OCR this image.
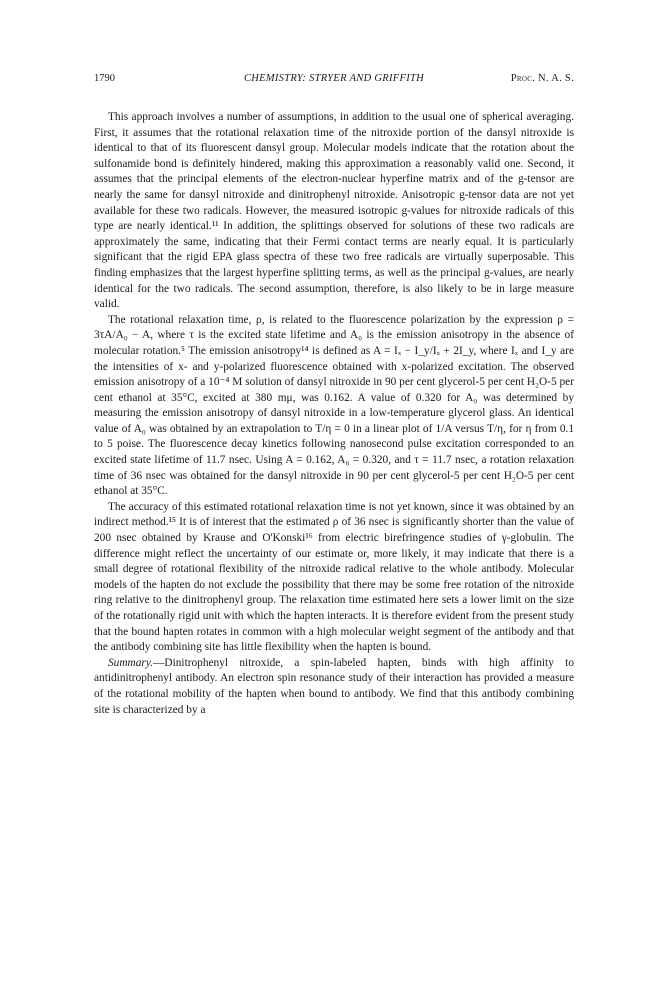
1790	CHEMISTRY: STRYER AND GRIFFITH	Proc. N. A. S.

This approach involves a number of assumptions, in addition to the usual one of spherical averaging. First, it assumes that the rotational relaxation time of the nitroxide portion of the dansyl nitroxide is identical to that of its fluorescent dansyl group. Molecular models indicate that the rotation about the sulfonamide bond is definitely hindered, making this approximation a reasonably valid one. Second, it assumes that the principal elements of the electron-nuclear hyperfine matrix and of the g-tensor are nearly the same for dansyl nitroxide and dinitrophenyl nitroxide. Anisotropic g-tensor data are not yet available for these two radicals. However, the measured isotropic g-values for nitroxide radicals of this type are nearly identical.¹¹ In addition, the splittings observed for solutions of these two radicals are approximately the same, indicating that their Fermi contact terms are nearly equal. It is particularly significant that the rigid EPA glass spectra of these two free radicals are virtually superposable. This finding emphasizes that the largest hyperfine splitting terms, as well as the principal g-values, are nearly identical for the two radicals. The second assumption, therefore, is also likely to be in large measure valid.

The rotational relaxation time, ρ, is related to the fluorescence polarization by the expression ρ = 3τA/A₀ − A, where τ is the excited state lifetime and A₀ is the emission anisotropy in the absence of molecular rotation.⁵ The emission anisotropy¹⁴ is defined as A = Iₓ − I_y/Iₓ + 2I_y, where Iₓ and I_y are the intensities of x- and y-polarized fluorescence obtained with x-polarized excitation. The observed emission anisotropy of a 10⁻⁴ M solution of dansyl nitroxide in 90 per cent glycerol-5 per cent H₂O-5 per cent ethanol at 35°C, excited at 380 mμ, was 0.162. A value of 0.320 for A₀ was determined by measuring the emission anisotropy of dansyl nitroxide in a low-temperature glycerol glass. An identical value of A₀ was obtained by an extrapolation to T/η = 0 in a linear plot of 1/A versus T/η, for η from 0.1 to 5 poise. The fluorescence decay kinetics following nanosecond pulse excitation corresponded to an excited state lifetime of 11.7 nsec. Using A = 0.162, A₀ = 0.320, and τ = 11.7 nsec, a rotation relaxation time of 36 nsec was obtained for the dansyl nitroxide in 90 per cent glycerol-5 per cent H₂O-5 per cent ethanol at 35°C.

The accuracy of this estimated rotational relaxation time is not yet known, since it was obtained by an indirect method.¹⁵ It is of interest that the estimated ρ of 36 nsec is significantly shorter than the value of 200 nsec obtained by Krause and O'Konski¹⁶ from electric birefringence studies of γ-globulin. The difference might reflect the uncertainty of our estimate or, more likely, it may indicate that there is a small degree of rotational flexibility of the nitroxide radical relative to the whole antibody. Molecular models of the hapten do not exclude the possibility that there may be some free rotation of the nitroxide ring relative to the dinitrophenyl group. The relaxation time estimated here sets a lower limit on the size of the rotationally rigid unit with which the hapten interacts. It is therefore evident from the present study that the bound hapten rotates in common with a high molecular weight segment of the antibody and that the antibody combining site has little flexibility when the hapten is bound.

Summary.—Dinitrophenyl nitroxide, a spin-labeled hapten, binds with high affinity to antidinitrophenyl antibody. An electron spin resonance study of their interaction has provided a measure of the rotational mobility of the hapten when bound to antibody. We find that this antibody combining site is characterized by a
